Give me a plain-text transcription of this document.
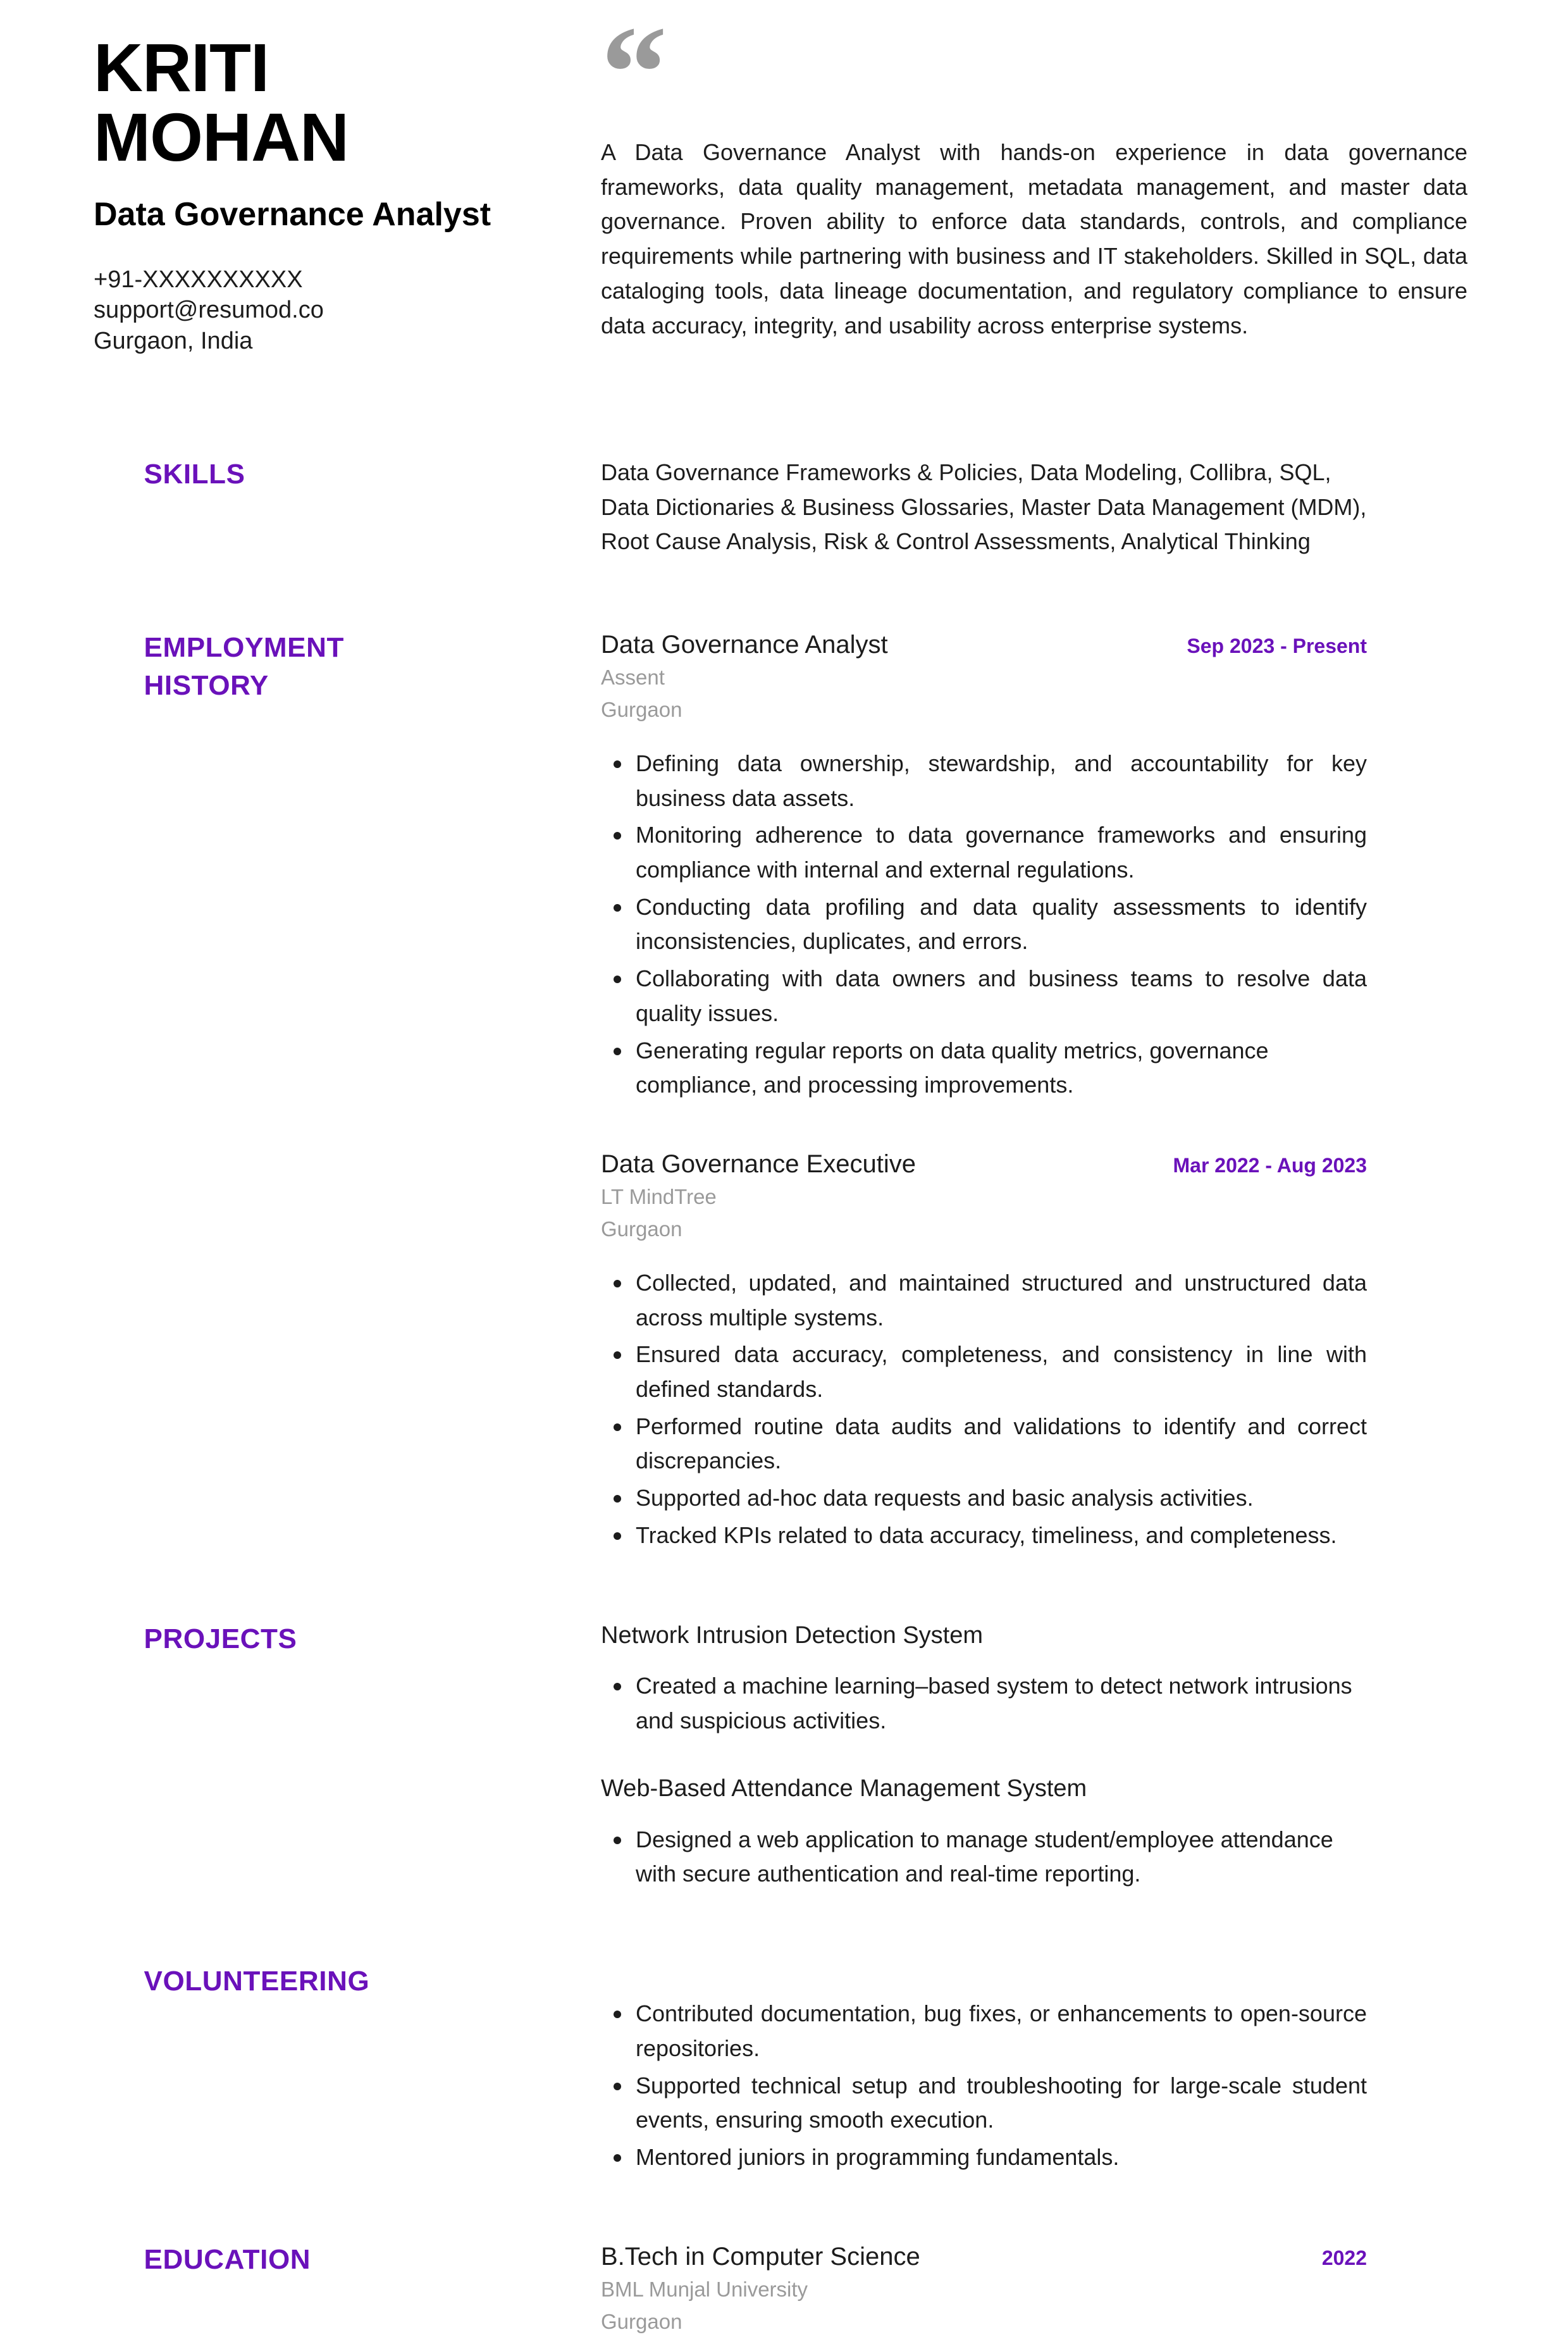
KRITI
MOHAN
Data Governance Analyst
+91-XXXXXXXXXX
support@resumod.co
Gurgaon, India
“

A Data Governance Analyst with hands-on experience in data governance frameworks, data quality management, metadata management, and master data governance. Proven ability to enforce data standards, controls, and compliance requirements while partnering with business and IT stakeholders. Skilled in SQL, data cataloging tools, data lineage documentation, and regulatory compliance to ensure data accuracy, integrity, and usability across enterprise systems.

SKILLS	Data Governance Frameworks & Policies, Data Modeling, Collibra, SQL, Data Dictionaries & Business Glossaries, Master Data Management (MDM), Root Cause Analysis, Risk & Control Assessments, Analytical Thinking
EMPLOYMENT HISTORY
Data Governance Analyst	Sep 2023 - Present
Assent
Gurgaon
Defining data ownership, stewardship, and accountability for key business data assets.
Monitoring adherence to data governance frameworks and ensuring compliance with internal and external regulations.
Conducting data profiling and data quality assessments to identify inconsistencies, duplicates, and errors.
Collaborating with data owners and business teams to resolve data quality issues.
Generating regular reports on data quality metrics, governance compliance, and processing improvements.
Data Governance Executive	Mar 2022 - Aug 2023
LT MindTree
Gurgaon
Collected, updated, and maintained structured and unstructured data across multiple systems.
Ensured data accuracy, completeness, and consistency in line with defined standards.
Performed routine data audits and validations to identify and correct discrepancies.
Supported ad-hoc data requests and basic analysis activities.
Tracked KPIs related to data accuracy, timeliness, and completeness.
PROJECTS	Network Intrusion Detection System
Created a machine learning–based system to detect network intrusions and suspicious activities.
Web-Based Attendance Management System
Designed a web application to manage student/employee attendance with secure authentication and real-time reporting.
VOLUNTEERING
Contributed documentation, bug fixes, or enhancements to open-source repositories.
Supported technical setup and troubleshooting for large-scale student events, ensuring smooth execution.
Mentored juniors in programming fundamentals.
EDUCATION	B.Tech in Computer Science	2022
BML Munjal University
Gurgaon
